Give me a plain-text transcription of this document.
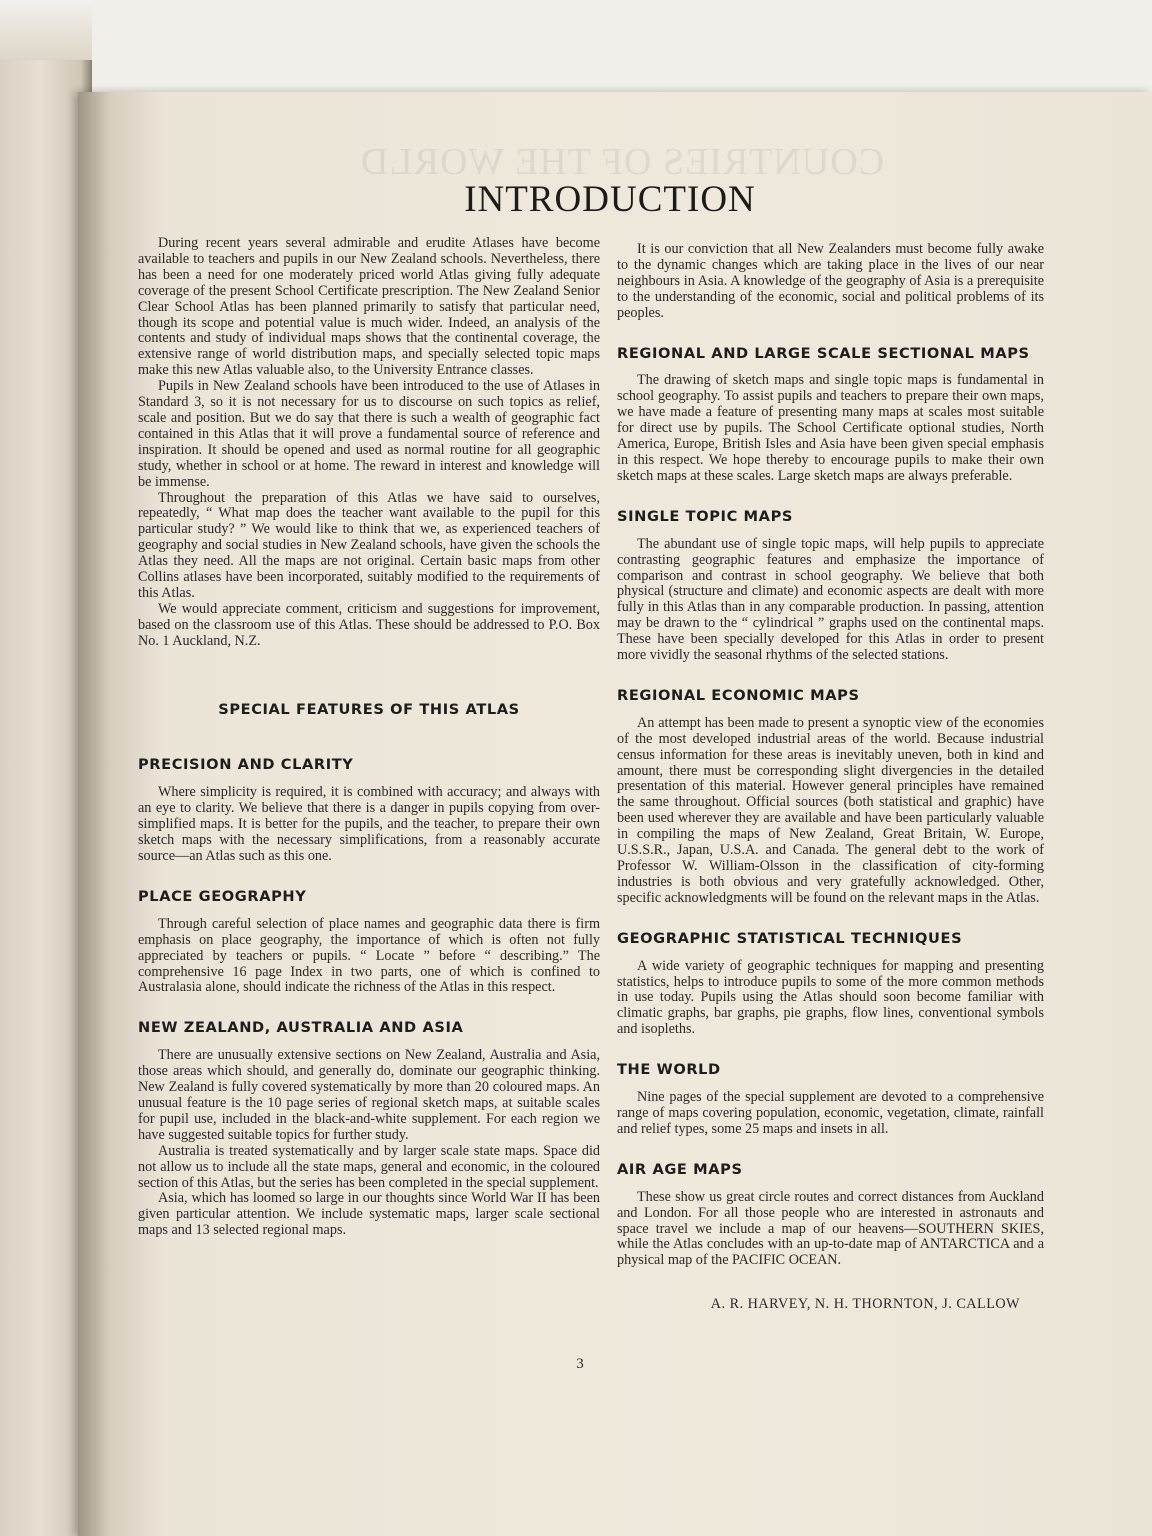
COUNTRIES OF THE WORLD
INTRODUCTION

During recent years several admirable and erudite Atlases have become available to teachers and pupils in our New Zealand schools. Nevertheless, there has been a need for one moderately priced world Atlas giving fully adequate coverage of the present School Certificate prescription. The New Zealand Senior Clear School Atlas has been planned primarily to satisfy that particular need, though its scope and potential value is much wider. Indeed, an analysis of the contents and study of individual maps shows that the continental coverage, the extensive range of world distribution maps, and specially selected topic maps make this new Atlas valuable also, to the University Entrance classes.

Pupils in New Zealand schools have been introduced to the use of Atlases in Standard 3, so it is not necessary for us to discourse on such topics as relief, scale and position. But we do say that there is such a wealth of geographic fact contained in this Atlas that it will prove a fundamental source of reference and inspiration. It should be opened and used as normal routine for all geographic study, whether in school or at home. The reward in interest and knowledge will be immense.

Throughout the preparation of this Atlas we have said to ourselves, repeatedly, “ What map does the teacher want available to the pupil for this particular study? ” We would like to think that we, as experienced teachers of geography and social studies in New Zealand schools, have given the schools the Atlas they need. All the maps are not original. Certain basic maps from other Collins atlases have been incorporated, suitably modified to the requirements of this Atlas.

We would appreciate comment, criticism and suggestions for improvement, based on the classroom use of this Atlas. These should be addressed to P.O. Box No. 1 Auckland, N.Z.

SPECIAL FEATURES OF THIS ATLAS
PRECISION AND CLARITY

Where simplicity is required, it is combined with accuracy; and always with an eye to clarity. We believe that there is a danger in pupils copying from over-simplified maps. It is better for the pupils, and the teacher, to prepare their own sketch maps with the necessary simplifications, from a reasonably accurate source—an Atlas such as this one.

PLACE GEOGRAPHY

Through careful selection of place names and geographic data there is firm emphasis on place geography, the importance of which is often not fully appreciated by teachers or pupils. “ Locate ” before “ describing.” The comprehensive 16 page Index in two parts, one of which is confined to Australasia alone, should indicate the richness of the Atlas in this respect.

NEW ZEALAND, AUSTRALIA AND ASIA

There are unusually extensive sections on New Zealand, Australia and Asia, those areas which should, and generally do, dominate our geographic thinking. New Zealand is fully covered systematically by more than 20 coloured maps. An unusual feature is the 10 page series of regional sketch maps, at suitable scales for pupil use, included in the black-and-white supplement. For each region we have suggested suitable topics for further study.

Australia is treated systematically and by larger scale state maps. Space did not allow us to include all the state maps, general and economic, in the coloured section of this Atlas, but the series has been completed in the special supplement.

Asia, which has loomed so large in our thoughts since World War II has been given particular attention. We include systematic maps, larger scale sectional maps and 13 selected regional maps.

It is our conviction that all New Zealanders must become fully awake to the dynamic changes which are taking place in the lives of our near neighbours in Asia. A knowledge of the geography of Asia is a prerequisite to the understanding of the economic, social and political problems of its peoples.

REGIONAL AND LARGE SCALE SECTIONAL MAPS

The drawing of sketch maps and single topic maps is fundamental in school geography. To assist pupils and teachers to prepare their own maps, we have made a feature of presenting many maps at scales most suitable for direct use by pupils. The School Certificate optional studies, North America, Europe, British Isles and Asia have been given special emphasis in this respect. We hope thereby to encourage pupils to make their own sketch maps at these scales. Large sketch maps are always preferable.

SINGLE TOPIC MAPS

The abundant use of single topic maps, will help pupils to appreciate contrasting geographic features and emphasize the importance of comparison and contrast in school geography. We believe that both physical (structure and climate) and economic aspects are dealt with more fully in this Atlas than in any comparable production. In passing, attention may be drawn to the “ cylindrical ” graphs used on the continental maps. These have been specially developed for this Atlas in order to present more vividly the seasonal rhythms of the selected stations.

REGIONAL ECONOMIC MAPS

An attempt has been made to present a synoptic view of the economies of the most developed industrial areas of the world. Because industrial census information for these areas is inevitably uneven, both in kind and amount, there must be corresponding slight divergencies in the detailed presentation of this material. However general principles have remained the same throughout. Official sources (both statistical and graphic) have been used wherever they are available and have been particularly valuable in compiling the maps of New Zealand, Great Britain, W. Europe, U.S.S.R., Japan, U.S.A. and Canada. The general debt to the work of Professor W. William-Olsson in the classification of city-forming industries is both obvious and very gratefully acknowledged. Other, specific acknowledgments will be found on the relevant maps in the Atlas.

GEOGRAPHIC STATISTICAL TECHNIQUES

A wide variety of geographic techniques for mapping and presenting statistics, helps to introduce pupils to some of the more common methods in use today. Pupils using the Atlas should soon become familiar with climatic graphs, bar graphs, pie graphs, flow lines, conventional symbols and isopleths.

THE WORLD

Nine pages of the special supplement are devoted to a comprehensive range of maps covering population, economic, vegetation, climate, rainfall and relief types, some 25 maps and insets in all.

AIR AGE MAPS

These show us great circle routes and correct distances from Auckland and London. For all those people who are interested in astronauts and space travel we include a map of our heavens—SOUTHERN SKIES, while the Atlas concludes with an up-to-date map of ANTARCTICA and a physical map of the PACIFIC OCEAN.

A. R. HARVEY, N. H. THORNTON, J. CALLOW
3
